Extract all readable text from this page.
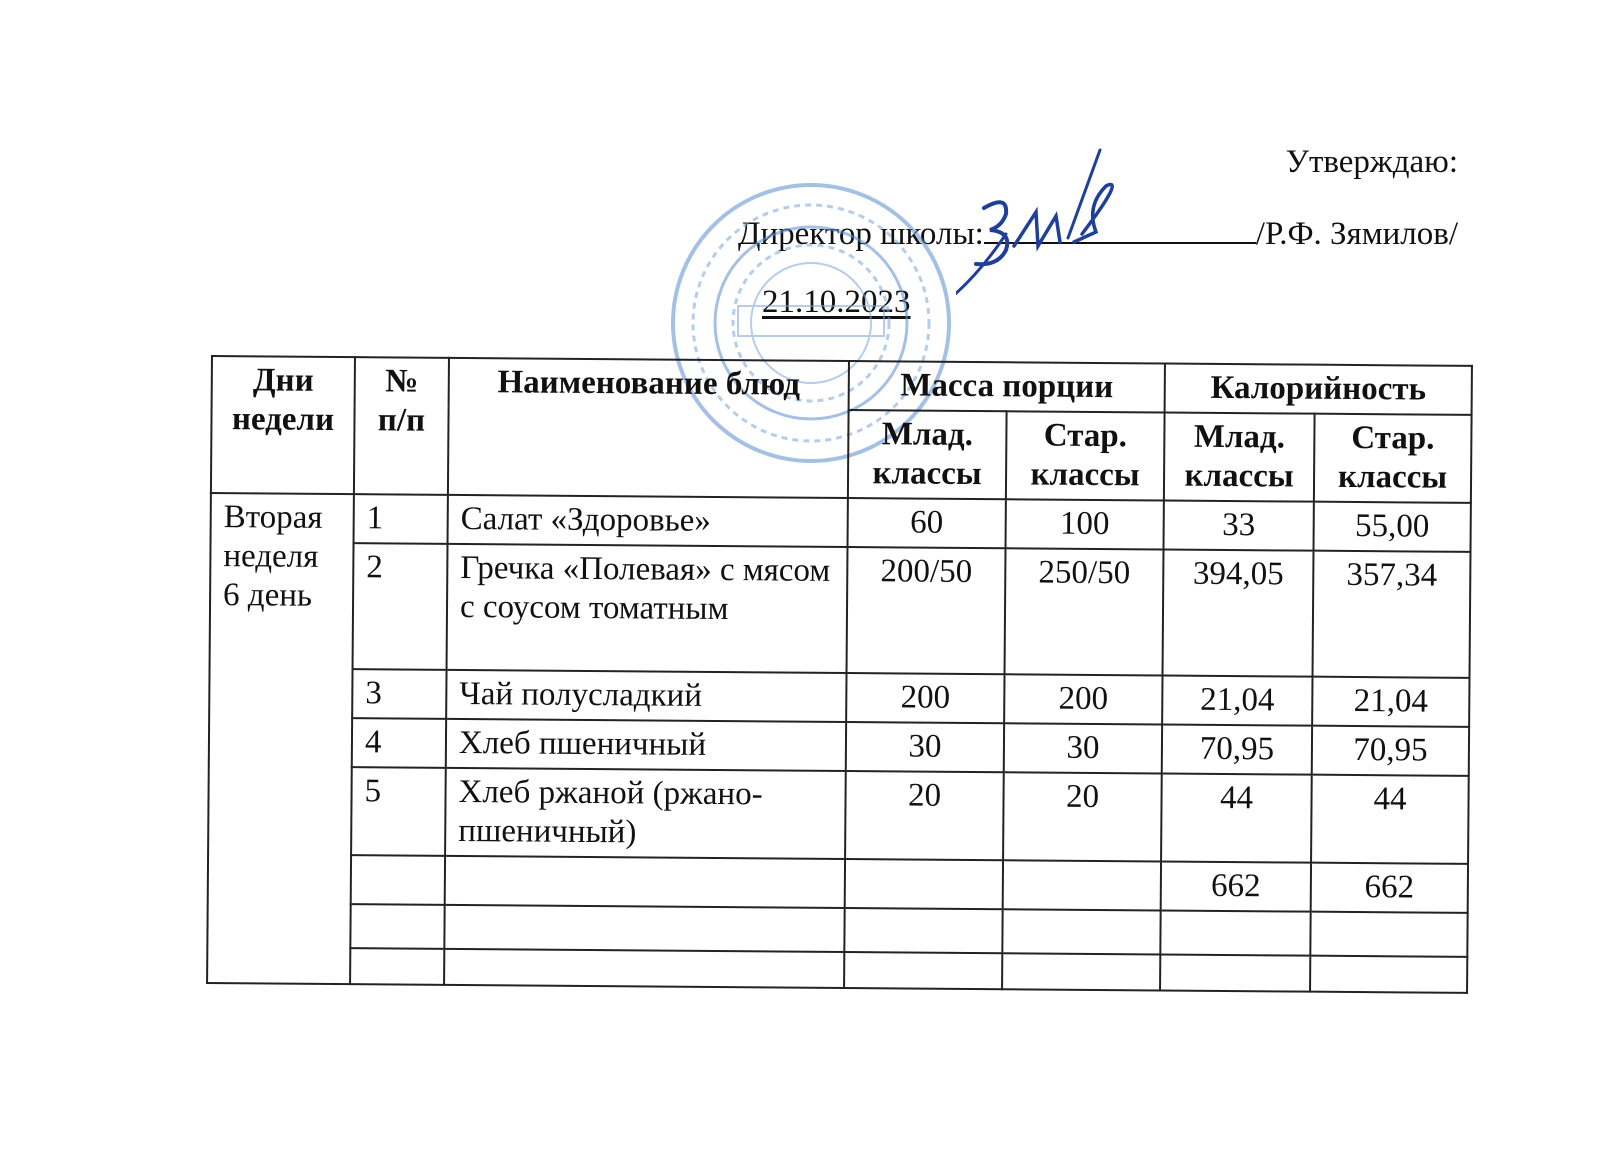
Утверждаю:
Директор школы:	/Р.Ф. Зямилов/
21.10.2023
Дни недели	№ п/п	Наименование блюд	Масса порции		Калорийность	
			Млад. классы	Стар. классы	Млад. классы	Стар. классы
Вторая неделя 6 день	1	Салат «Здоровье»	60	100	33	55,00
	2	Гречка «Полевая» с мясом с соусом томатным	200/50	250/50	394,05	357,34
	3	Чай полусладкий	200	200	21,04	21,04
	4	Хлеб пшеничный	30	30	70,95	70,95
	5	Хлеб ржаной (ржано-пшеничный)	20	20	44	44
					662	662
